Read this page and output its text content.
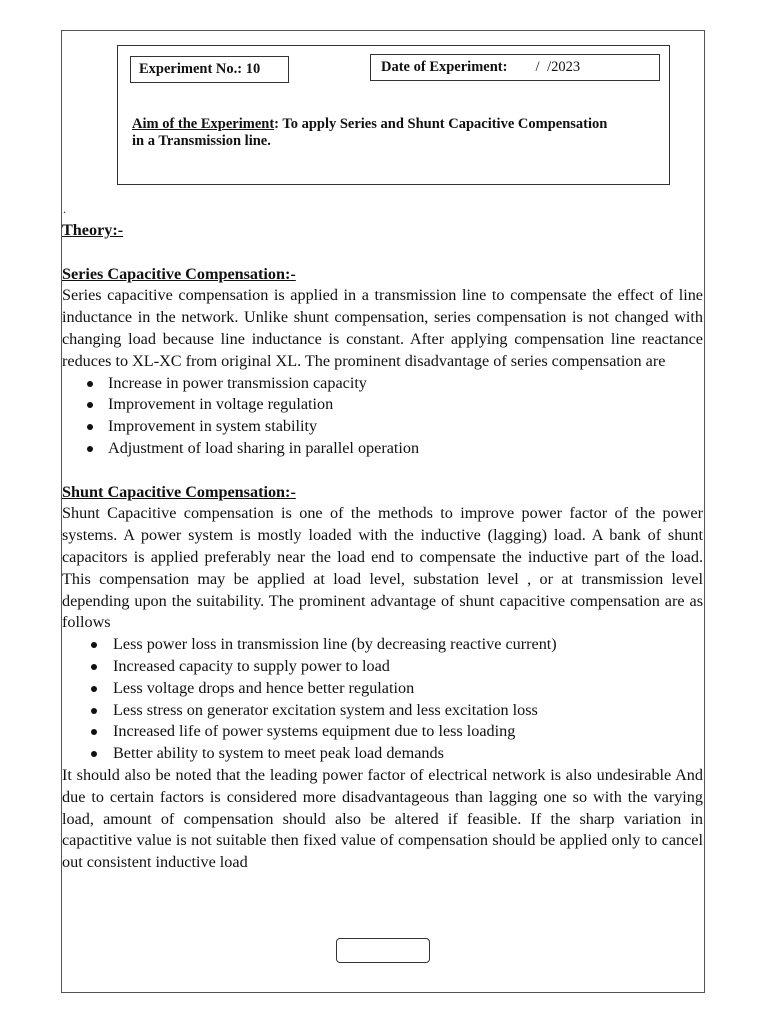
Experiment No.: 10	Date of Experiment: / /2023
Aim of the Experiment: To apply Series and Shunt Capacitive Compensation in a Transmission line.
.

Theory:-

Series Capacitive Compensation:-

Series capacitive compensation is applied in a transmission line to compensate the effect of line inductance in the network. Unlike shunt compensation, series compensation is not changed with changing load because line inductance is constant. After applying compensation line reactance reduces to XL-XC from original XL. The prominent disadvantage of series compensation are

Increase in power transmission capacity
Improvement in voltage regulation
Improvement in system stability
Adjustment of load sharing in parallel operation

Shunt Capacitive Compensation:-

Shunt Capacitive compensation is one of the methods to improve power factor of the power systems. A power system is mostly loaded with the inductive (lagging) load. A bank of shunt capacitors is applied preferably near the load end to compensate the inductive part of the load. This compensation may be applied at load level, substation level , or at transmission level depending upon the suitability. The prominent advantage of shunt capacitive compensation are as follows

Less power loss in transmission line (by decreasing reactive current)
Increased capacity to supply power to load
Less voltage drops and hence better regulation
Less stress on generator excitation system and less excitation loss
Increased life of power systems equipment due to less loading
Better ability to system to meet peak load demands

It should also be noted that the leading power factor of electrical network is also undesirable And due to certain factors is considered more disadvantageous than lagging one so with the varying load, amount of compensation should also be altered if feasible. If the sharp variation in capactitive value is not suitable then fixed value of compensation should be applied only to cancel out consistent inductive load
